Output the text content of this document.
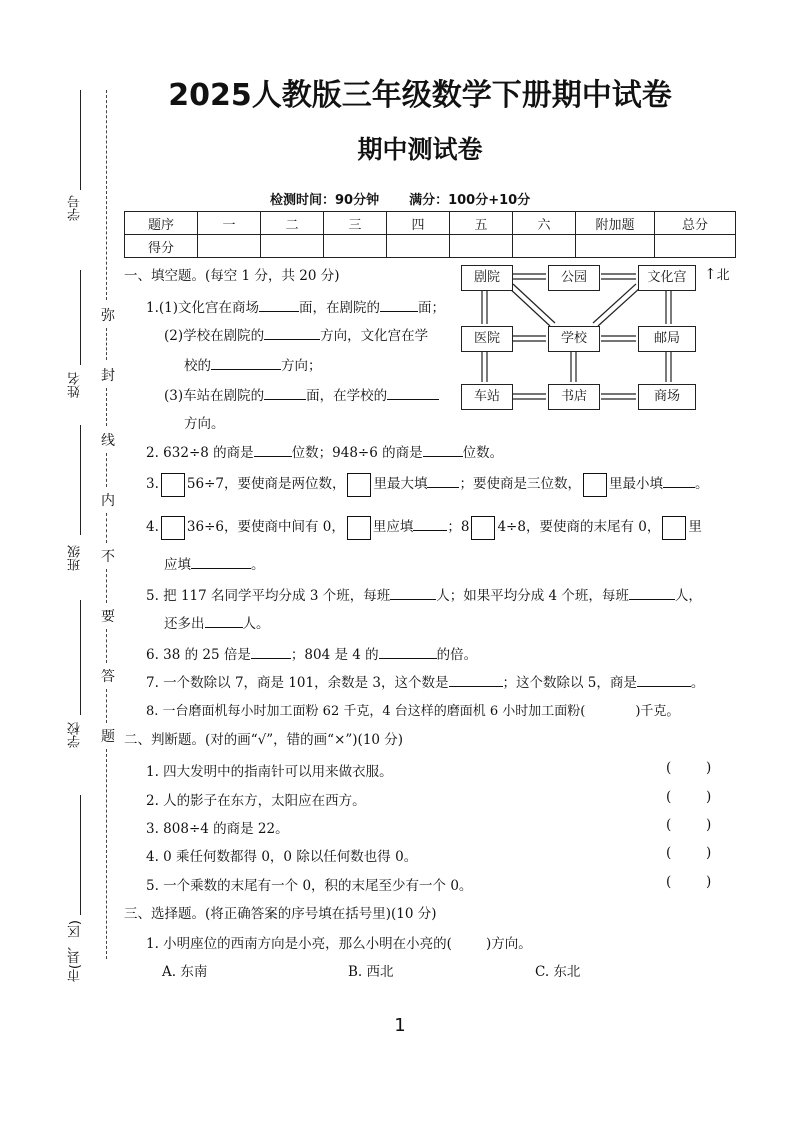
学号
姓名
班级
学校
市(县、区)
弥
封
线
内
不
要
答
题
2025人教版三年级数学下册期中试卷
期中测试卷
检测时间：90分钟 满分：100分+10分
题序	一	二	三	四	五	六	附加题	总分
得分								
剧院	公园	文化宫
医院	学校	邮局
车站	书店	商场
↑北
一、填空题。(每空 1 分，共 20 分)
1.(1)文化宫在商场	面，在剧院的	面；
(2)学校在剧院的	方向，文化宫在学
校的	方向；
(3)车站在剧院的	面，在学校的
方向。
2. 632÷8 的商是	位数；948÷6 的商是	位数。
3. 56÷7，要使商是两位数， 里最大填 ；要使商是三位数， 里最小填 。
4. 36÷6，要使商中间有 0， 里应填	；8 4÷8，要使商的末尾有 0， 里
应填	。
5. 把 117 名同学平均分成 3 个班，每班	人；如果平均分成 4 个班，每班	人，
还多出	人。
6. 38 的 25 倍是	；804 是 4 的	的倍。
7. 一个数除以 7，商是 101，余数是 3，这个数是	；这个数除以 5，商是	。
8. 一台磨面机每小时加工面粉 62 千克，4 台这样的磨面机 6 小时加工面粉(	)千克。
二、判断题。(对的画“√”，错的画“×”)(10 分)
1. 四大发明中的指南针可以用来做衣服。	(	)
2. 人的影子在东方，太阳应在西方。	(	)
3. 808÷4 的商是 22。	(	)
4. 0 乘任何数都得 0，0 除以任何数也得 0。	(	)
5. 一个乘数的末尾有一个 0，积的末尾至少有一个 0。	(	)
三、选择题。(将正确答案的序号填在括号里)(10 分)
1. 小明座位的西南方向是小亮，那么小明在小亮的(	)方向。
A. 东南	B. 西北	C. 东北
1
